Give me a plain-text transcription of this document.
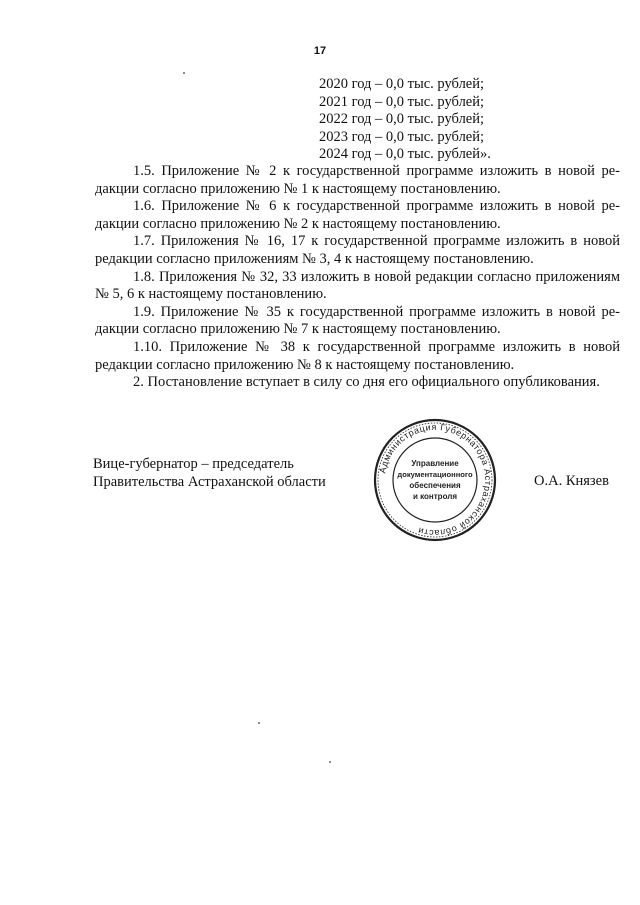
17
2020 год – 0,0 тыс. рублей;
2021 год – 0,0 тыс. рублей;
2022 год – 0,0 тыс. рублей;
2023 год – 0,0 тыс. рублей;
2024 год – 0,0 тыс. рублей».

1.5. Приложение № 2 к государственной программе изложить в новой редакции согласно приложению № 1 к настоящему постановлению.

1.6. Приложение № 6 к государственной программе изложить в новой редакции согласно приложению № 2 к настоящему постановлению.

1.7. Приложения № 16, 17 к государственной программе изложить в новой редакции согласно приложениям № 3, 4 к настоящему постановлению.

1.8. Приложения № 32, 33 изложить в новой редакции согласно приложениям № 5, 6 к настоящему постановлению.

1.9. Приложение № 35 к государственной программе изложить в новой редакции согласно приложению № 7 к настоящему постановлению.

1.10. Приложение № 38 к государственной программе изложить в новой редакции согласно приложению № 8 к настоящему постановлению.

2. Постановление вступает в силу со дня его официального опубликования.

Вице-губернатор – председатель
Правительства Астраханской области	О.А. Князев
Администрация Губернатора Астраханской области
Управление
документационного
обеспечения
и контроля
